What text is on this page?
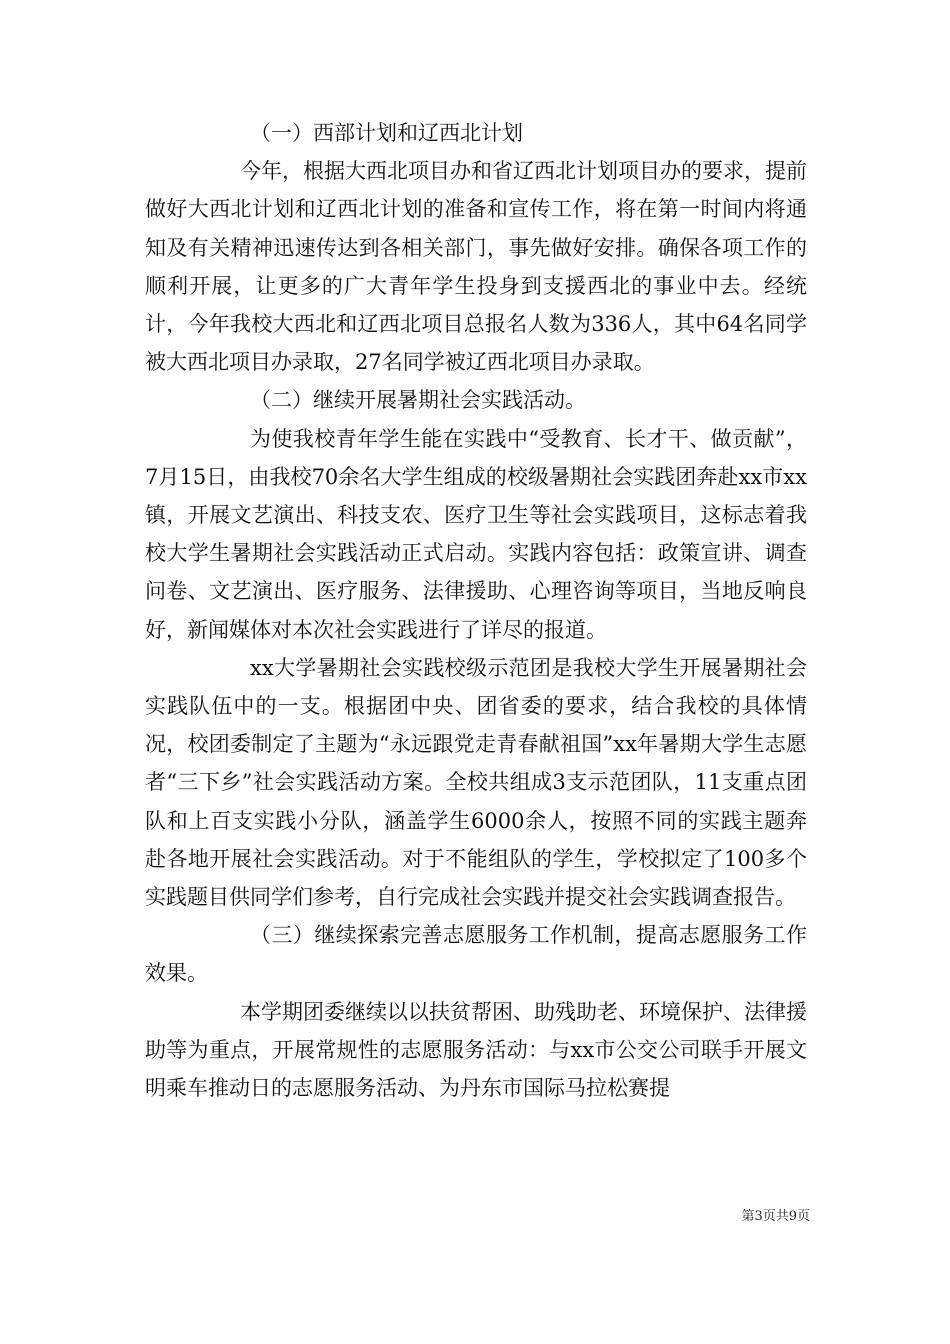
（一）西部计划和辽西北计划

今年，根据大西北项目办和省辽西北计划项目办的要求，提前做好大西北计划和辽西北计划的准备和宣传工作，将在第一时间内将通知及有关精神迅速传达到各相关部门，事先做好安排。确保各项工作的顺利开展，让更多的广大青年学生投身到支援西北的事业中去。经统计，今年我校大西北和辽西北项目总报名人数为336人，其中64名同学被大西北项目办录取，27名同学被辽西北项目办录取。

（二）继续开展暑期社会实践活动。

为使我校青年学生能在实践中“受教育、长才干、做贡献”，7月15日，由我校70余名大学生组成的校级暑期社会实践团奔赴xx市xx镇，开展文艺演出、科技支农、医疗卫生等社会实践项目，这标志着我校大学生暑期社会实践活动正式启动。实践内容包括：政策宣讲、调查问卷、文艺演出、医疗服务、法律援助、心理咨询等项目，当地反响良好，新闻媒体对本次社会实践进行了详尽的报道。

xx大学暑期社会实践校级示范团是我校大学生开展暑期社会实践队伍中的一支。根据团中央、团省委的要求，结合我校的具体情况，校团委制定了主题为“永远跟党走青春献祖国”xx年暑期大学生志愿者“三下乡”社会实践活动方案。全校共组成3支示范团队，11支重点团队和上百支实践小分队，涵盖学生6000余人，按照不同的实践主题奔赴各地开展社会实践活动。对于不能组队的学生，学校拟定了100多个实践题目供同学们参考，自行完成社会实践并提交社会实践调查报告。

（三）继续探索完善志愿服务工作机制，提高志愿服务工作效果。

本学期团委继续以以扶贫帮困、助残助老、环境保护、法律援助等为重点，开展常规性的志愿服务活动：与xx市公交公司联手开展文明乘车推动日的志愿服务活动、为丹东市国际马拉松赛提

第3页共9页
